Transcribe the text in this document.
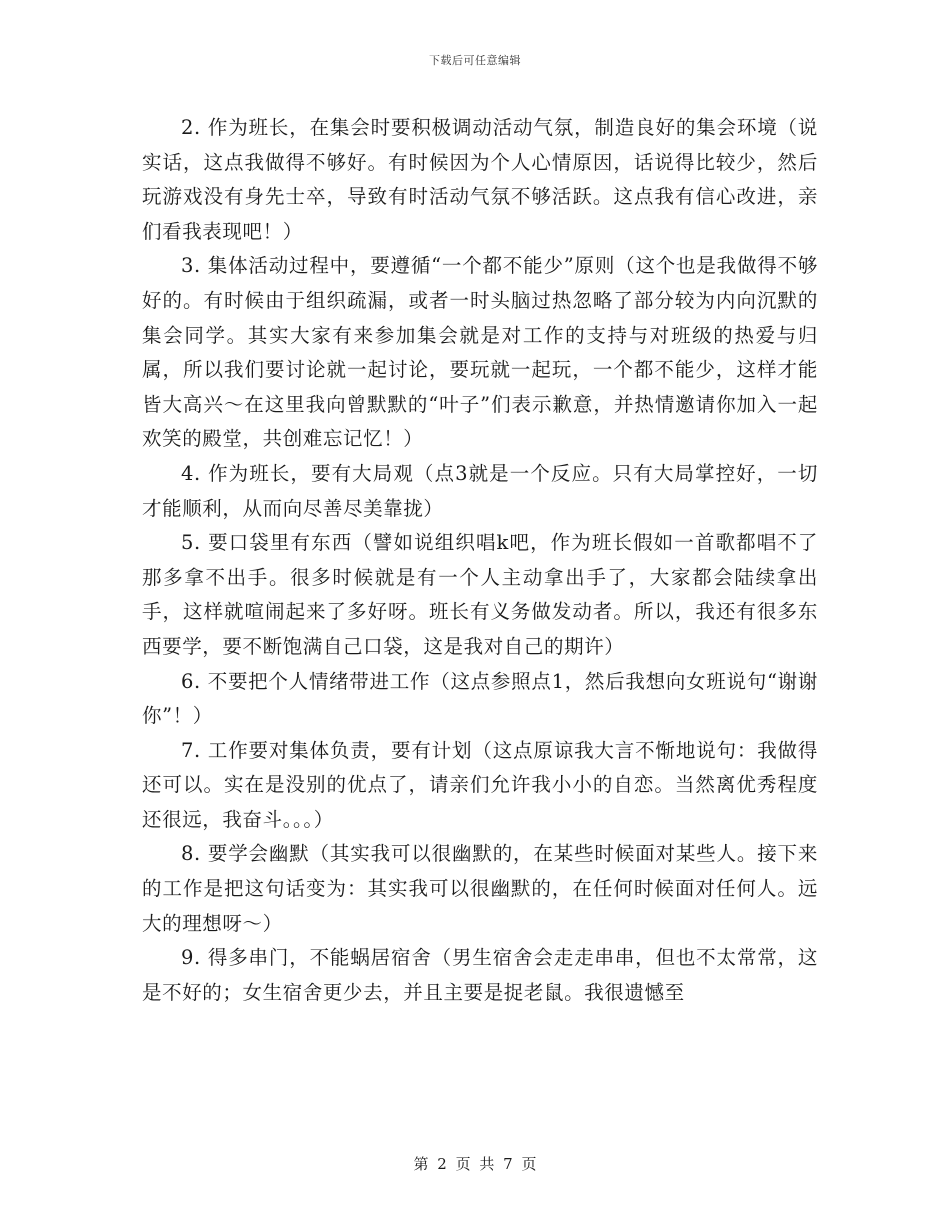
下载后可任意编辑

2. 作为班长，在集会时要积极调动活动气氛，制造良好的集会环境（说实话，这点我做得不够好。有时候因为个人心情原因，话说得比较少，然后玩游戏没有身先士卒，导致有时活动气氛不够活跃。这点我有信心改进，亲们看我表现吧！）

3. 集体活动过程中，要遵循“一个都不能少”原则（这个也是我做得不够好的。有时候由于组织疏漏，或者一时头脑过热忽略了部分较为内向沉默的集会同学。其实大家有来参加集会就是对工作的支持与对班级的热爱与归属，所以我们要讨论就一起讨论，要玩就一起玩，一个都不能少，这样才能皆大高兴～在这里我向曾默默的“叶子”们表示歉意，并热情邀请你加入一起欢笑的殿堂，共创难忘记忆！）

4. 作为班长，要有大局观（点3就是一个反应。只有大局掌控好，一切才能顺利，从而向尽善尽美靠拢）

5. 要口袋里有东西（譬如说组织唱k吧，作为班长假如一首歌都唱不了那多拿不出手。很多时候就是有一个人主动拿出手了，大家都会陆续拿出手，这样就喧闹起来了多好呀。班长有义务做发动者。所以，我还有很多东西要学，要不断饱满自己口袋，这是我对自己的期许）

6. 不要把个人情绪带进工作（这点参照点1，然后我想向女班说句“谢谢你”！）

7. 工作要对集体负责，要有计划（这点原谅我大言不惭地说句：我做得还可以。实在是没别的优点了，请亲们允许我小小的自恋。当然离优秀程度还很远，我奋斗。。。）

8. 要学会幽默（其实我可以很幽默的，在某些时候面对某些人。接下来的工作是把这句话变为：其实我可以很幽默的，在任何时候面对任何人。远大的理想呀～）

9. 得多串门，不能蜗居宿舍（男生宿舍会走走串串，但也不太常常，这是不好的；女生宿舍更少去，并且主要是捉老鼠。我很遗憾至

第 2 页 共 7 页
